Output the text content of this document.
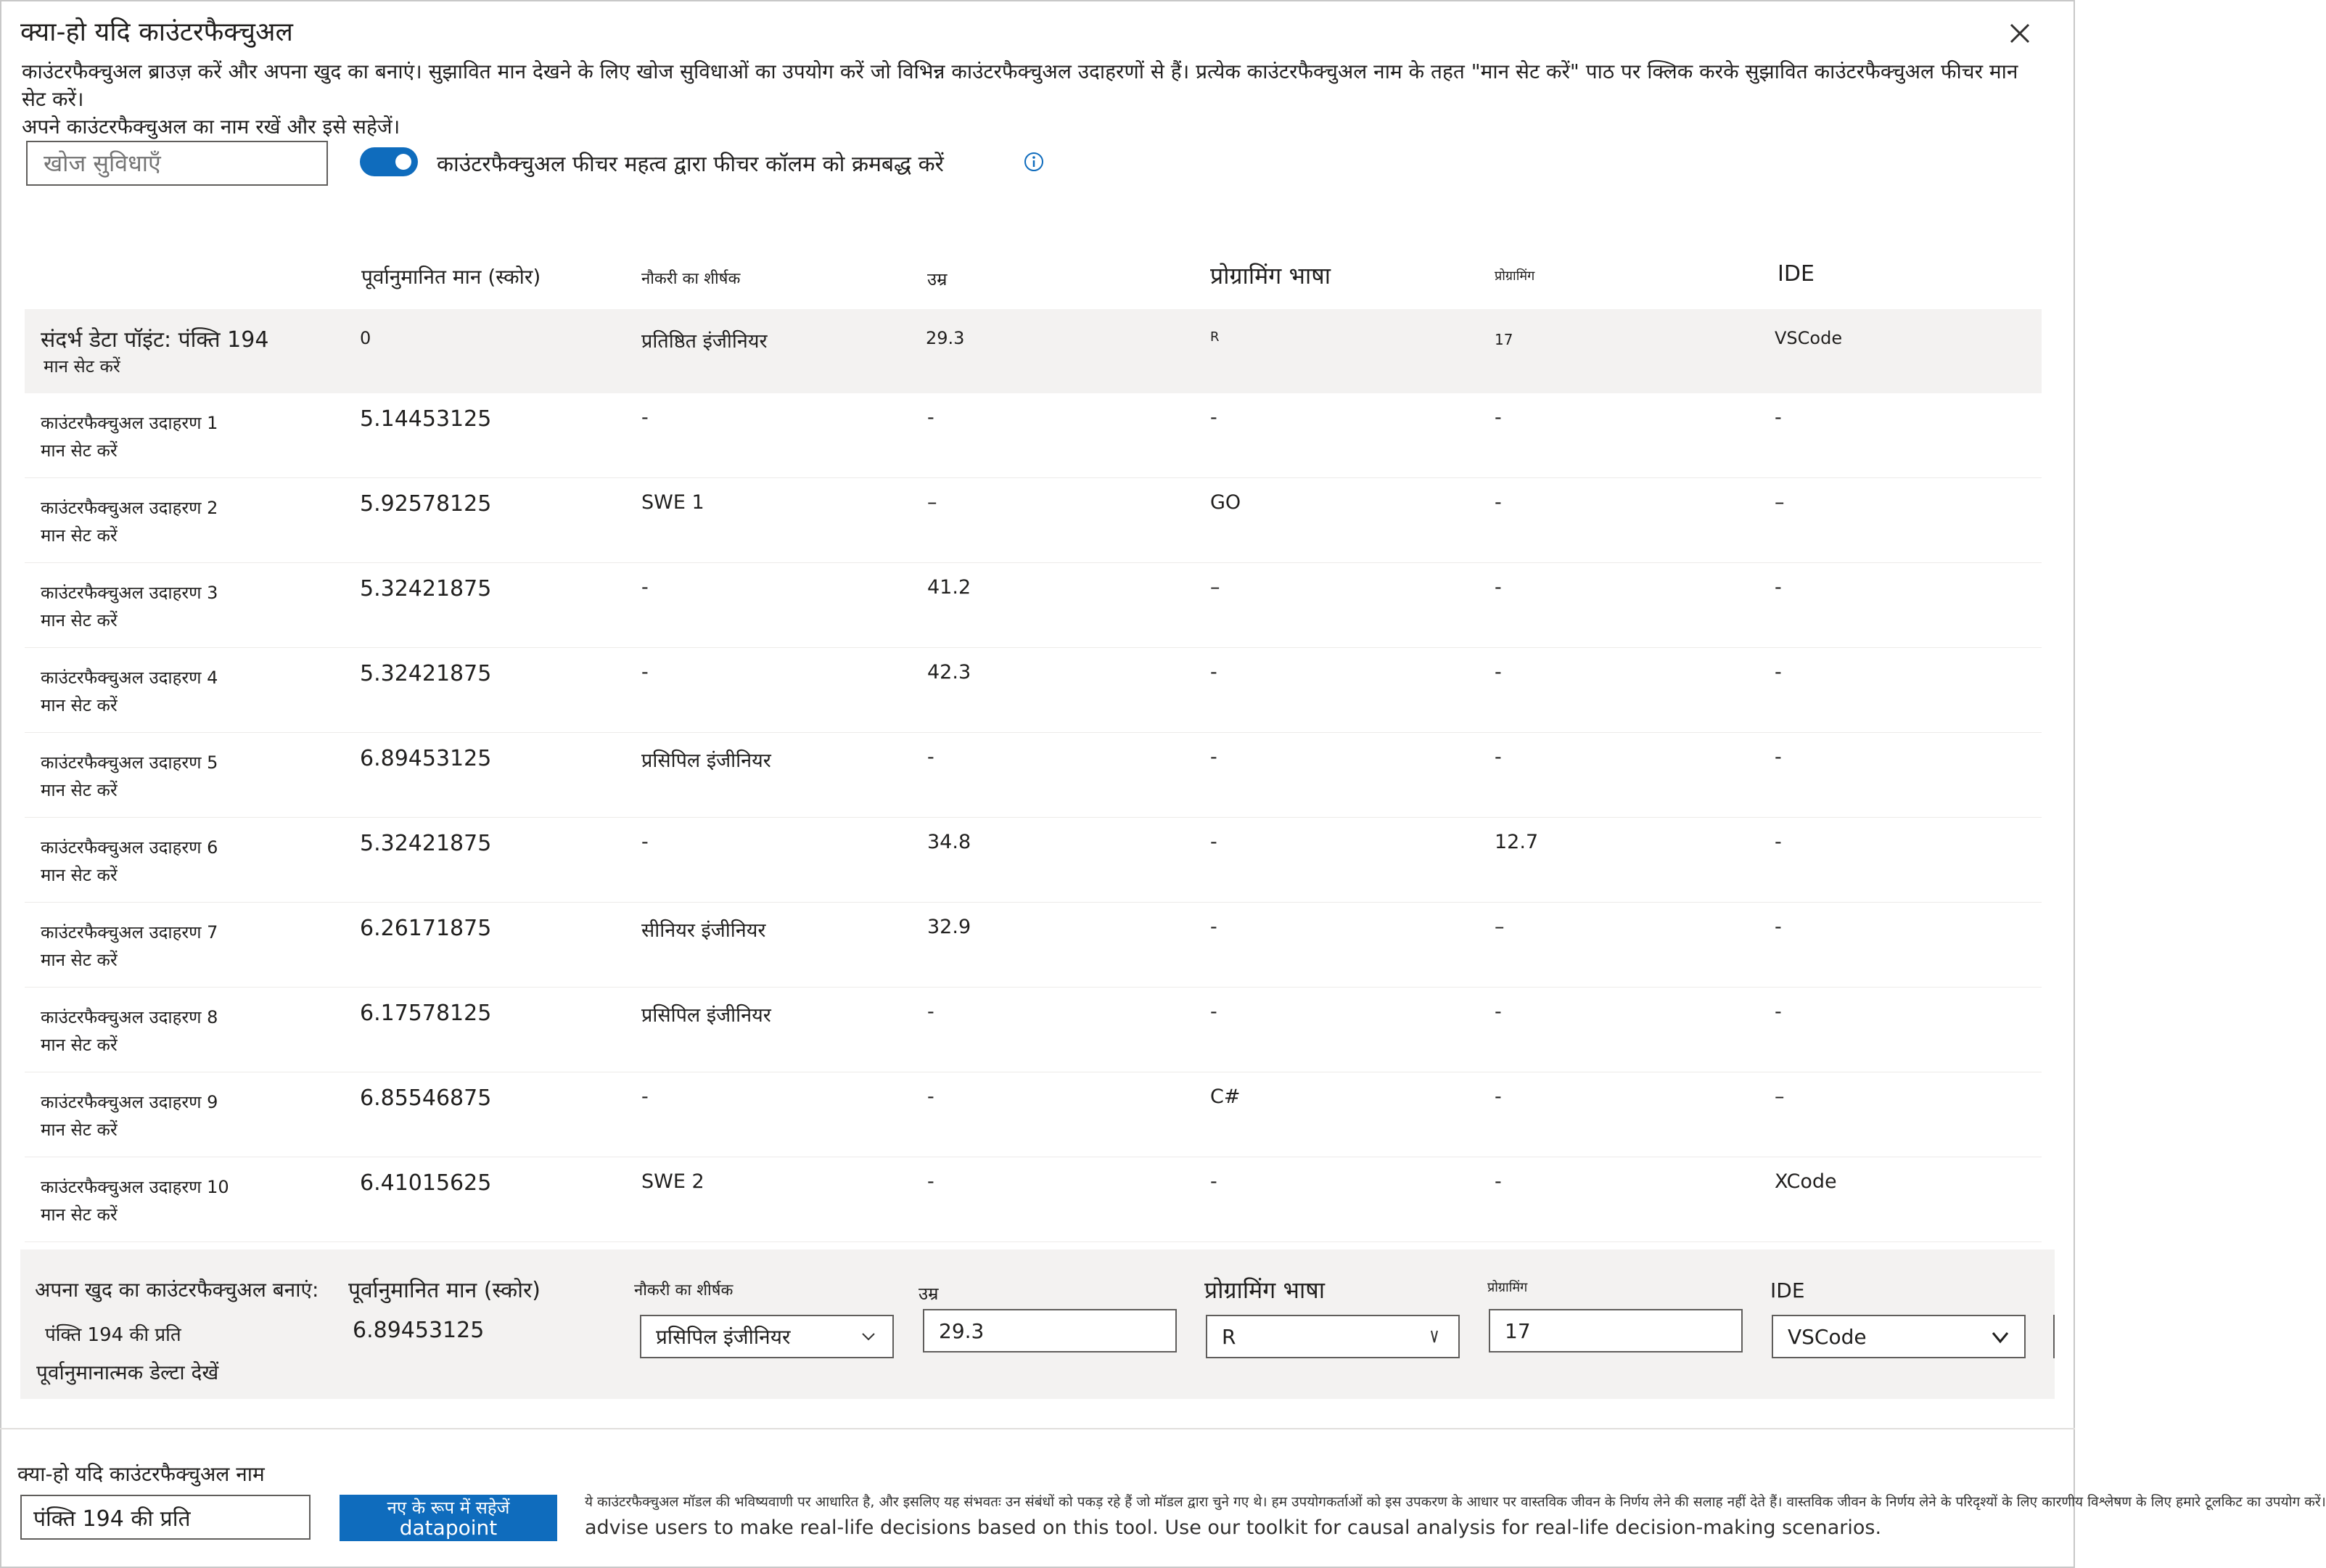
क्या-हो यदि काउंटरफैक्चुअल
काउंटरफैक्चुअल ब्राउज़ करें और अपना खुद का बनाएं। सुझावित मान देखने के लिए खोज सुविधाओं का उपयोग करें जो विभिन्न काउंटरफैक्चुअल उदाहरणों से हैं। प्रत्येक काउंटरफैक्चुअल नाम के तहत "मान सेट करें" पाठ पर क्लिक करके सुझावित काउंटरफैक्चुअल फीचर मान सेट करें।
अपने काउंटरफैक्चुअल का नाम रखें और इसे सहेजें।
खोज सुविधाएँ
काउंटरफैक्चुअल फीचर महत्व द्वारा फीचर कॉलम को क्रमबद्ध करें
पूर्वानुमानित मान (स्कोर)	नौकरी का शीर्षक	उम्र	प्रोग्रामिंग भाषा	प्रोग्रामिंग	IDE
संदर्भ डेटा पॉइंट: पंक्ति 194
मान सेट करें
0	प्रतिष्ठित इंजीनियर	29.3	R	17	VSCode
काउंटरफैक्चुअल उदाहरण 1
मान सेट करें
5.14453125	-	-	-	-	-
काउंटरफैक्चुअल उदाहरण 2
मान सेट करें
5.92578125	SWE 1	–	GO	-	–
काउंटरफैक्चुअल उदाहरण 3
मान सेट करें
5.32421875	-	41.2	–	-	-
काउंटरफैक्चुअल उदाहरण 4
मान सेट करें
5.32421875	-	42.3	-	-	-
काउंटरफैक्चुअल उदाहरण 5
मान सेट करें
6.89453125	प्रसिपिल इंजीनियर	-	-	-	-
काउंटरफैक्चुअल उदाहरण 6
मान सेट करें
5.32421875	-	34.8	-	12.7	-
काउंटरफैक्चुअल उदाहरण 7
मान सेट करें
6.26171875	सीनियर इंजीनियर	32.9	-	–	-
काउंटरफैक्चुअल उदाहरण 8
मान सेट करें
6.17578125	प्रसिपिल इंजीनियर	-	-	-	-
काउंटरफैक्चुअल उदाहरण 9
मान सेट करें
6.85546875	-	-	C#	-	–
काउंटरफैक्चुअल उदाहरण 10
मान सेट करें
6.41015625	SWE 2	-	-	-	XCode
अपना खुद का काउंटरफैक्चुअल बनाएं: पूर्वानुमानित मान (स्कोर)	नौकरी का शीर्षक	उम्र	प्रोग्रामिंग भाषा	प्रोग्रामिंग	IDE
पंक्ति 194 की प्रति
पूर्वानुमानात्मक डेल्टा देखें
6.89453125	प्रसिपिल इंजीनियर	29.3	R	17	VSCode
क्या-हो यदि काउंटरफैक्चुअल नाम
पंक्ति 194 की प्रति
नए के रूप में सहेजें
datapoint
ये काउंटरफैक्चुअल मॉडल की भविष्यवाणी पर आधारित है, और इसलिए यह संभवतः उन संबंधों को पकड़ रहे हैं जो मॉडल द्वारा चुने गए थे। हम उपयोगकर्ताओं को इस उपकरण के आधार पर वास्तविक जीवन के निर्णय लेने की सलाह नहीं देते हैं। वास्तविक जीवन के निर्णय लेने के परिदृश्यों के लिए कारणीय विश्लेषण के लिए हमारे टूलकिट का उपयोग करें।
advise users to make real-life decisions based on this tool. Use our toolkit for causal analysis for real-life decision-making scenarios.
